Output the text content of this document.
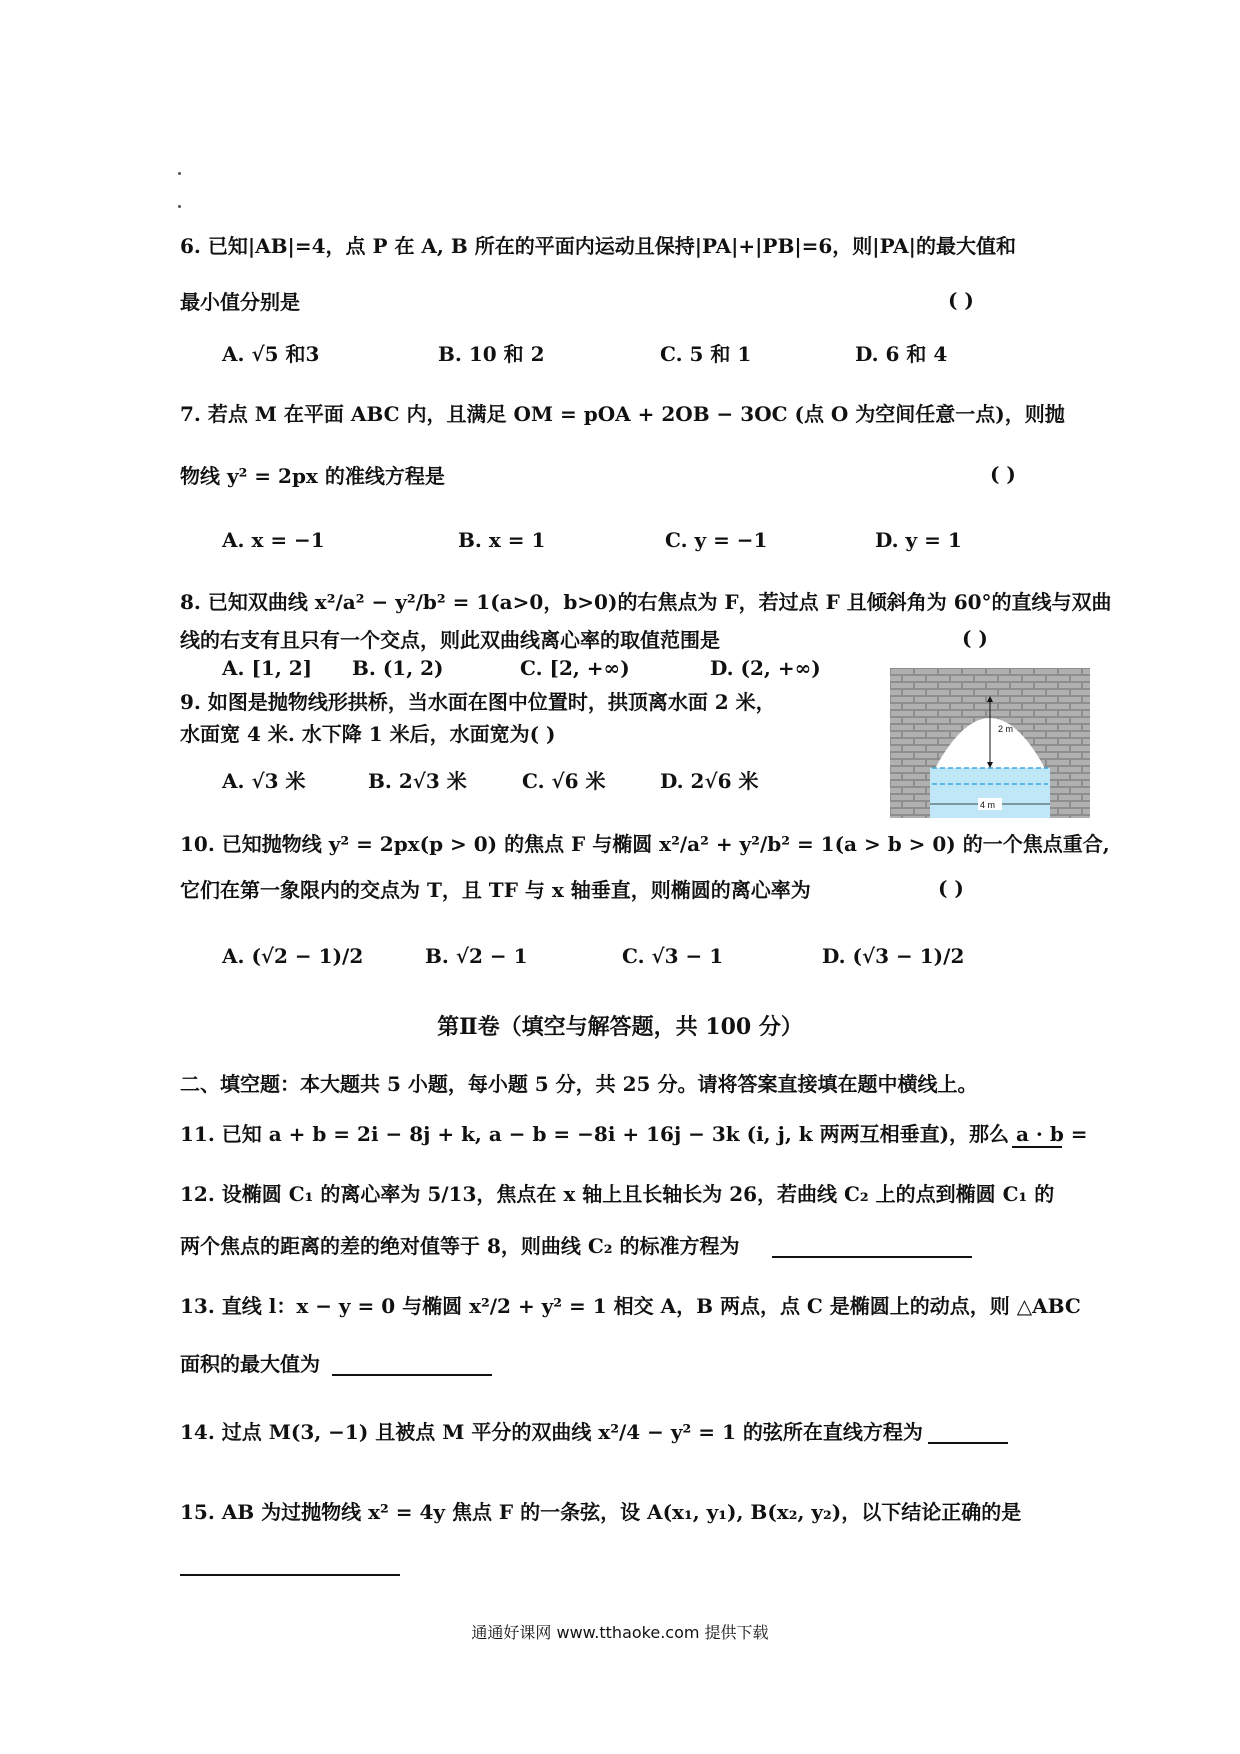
6. 已知|AB|=4，点 P 在 A, B 所在的平面内运动且保持|PA|+|PB|=6，则|PA|的最大值和
最小值分别是	( )
A. √5 和3	B. 10 和 2	C. 5 和 1	D. 6 和 4
7. 若点 M 在平面 ABC 内，且满足 OM = pOA + 2OB − 3OC (点 O 为空间任意一点)，则抛
物线 y² = 2px 的准线方程是	( )
A. x = −1	B. x = 1	C. y = −1	D. y = 1
8. 已知双曲线 x²/a² − y²/b² = 1(a>0，b>0)的右焦点为 F，若过点 F 且倾斜角为 60°的直线与双曲
线的右支有且只有一个交点，则此双曲线离心率的取值范围是	( )
A. [1, 2] B. (1, 2)	C. [2, +∞)	D. (2, +∞)
9. 如图是抛物线形拱桥，当水面在图中位置时，拱顶离水面 2 米，
水面宽 4 米. 水下降 1 米后，水面宽为( )
A. √3 米	B. 2√3 米	C. √6 米	D. 2√6 米
2 m
4 m
10. 已知抛物线 y² = 2px(p > 0) 的焦点 F 与椭圆 x²/a² + y²/b² = 1(a > b > 0) 的一个焦点重合,
它们在第一象限内的交点为 T，且 TF 与 x 轴垂直，则椭圆的离心率为	( )
A. (√2 − 1)/2	B. √2 − 1	C. √3 − 1	D. (√3 − 1)/2
第Ⅱ卷（填空与解答题，共 100 分）
二、填空题：本大题共 5 小题，每小题 5 分，共 25 分。请将答案直接填在题中横线上。
11. 已知 a + b = 2i − 8j + k, a − b = −8i + 16j − 3k (i, j, k 两两互相垂直)，那么 a · b =
12. 设椭圆 C₁ 的离心率为 5/13，焦点在 x 轴上且长轴长为 26，若曲线 C₂ 上的点到椭圆 C₁ 的
两个焦点的距离的差的绝对值等于 8，则曲线 C₂ 的标准方程为
13. 直线 l：x − y = 0 与椭圆 x²/2 + y² = 1 相交 A，B 两点，点 C 是椭圆上的动点，则 △ABC
面积的最大值为
14. 过点 M(3, −1) 且被点 M 平分的双曲线 x²/4 − y² = 1 的弦所在直线方程为
15. AB 为过抛物线 x² = 4y 焦点 F 的一条弦，设 A(x₁, y₁), B(x₂, y₂)，以下结论正确的是
通通好课网 www.tthaoke.com 提供下载
